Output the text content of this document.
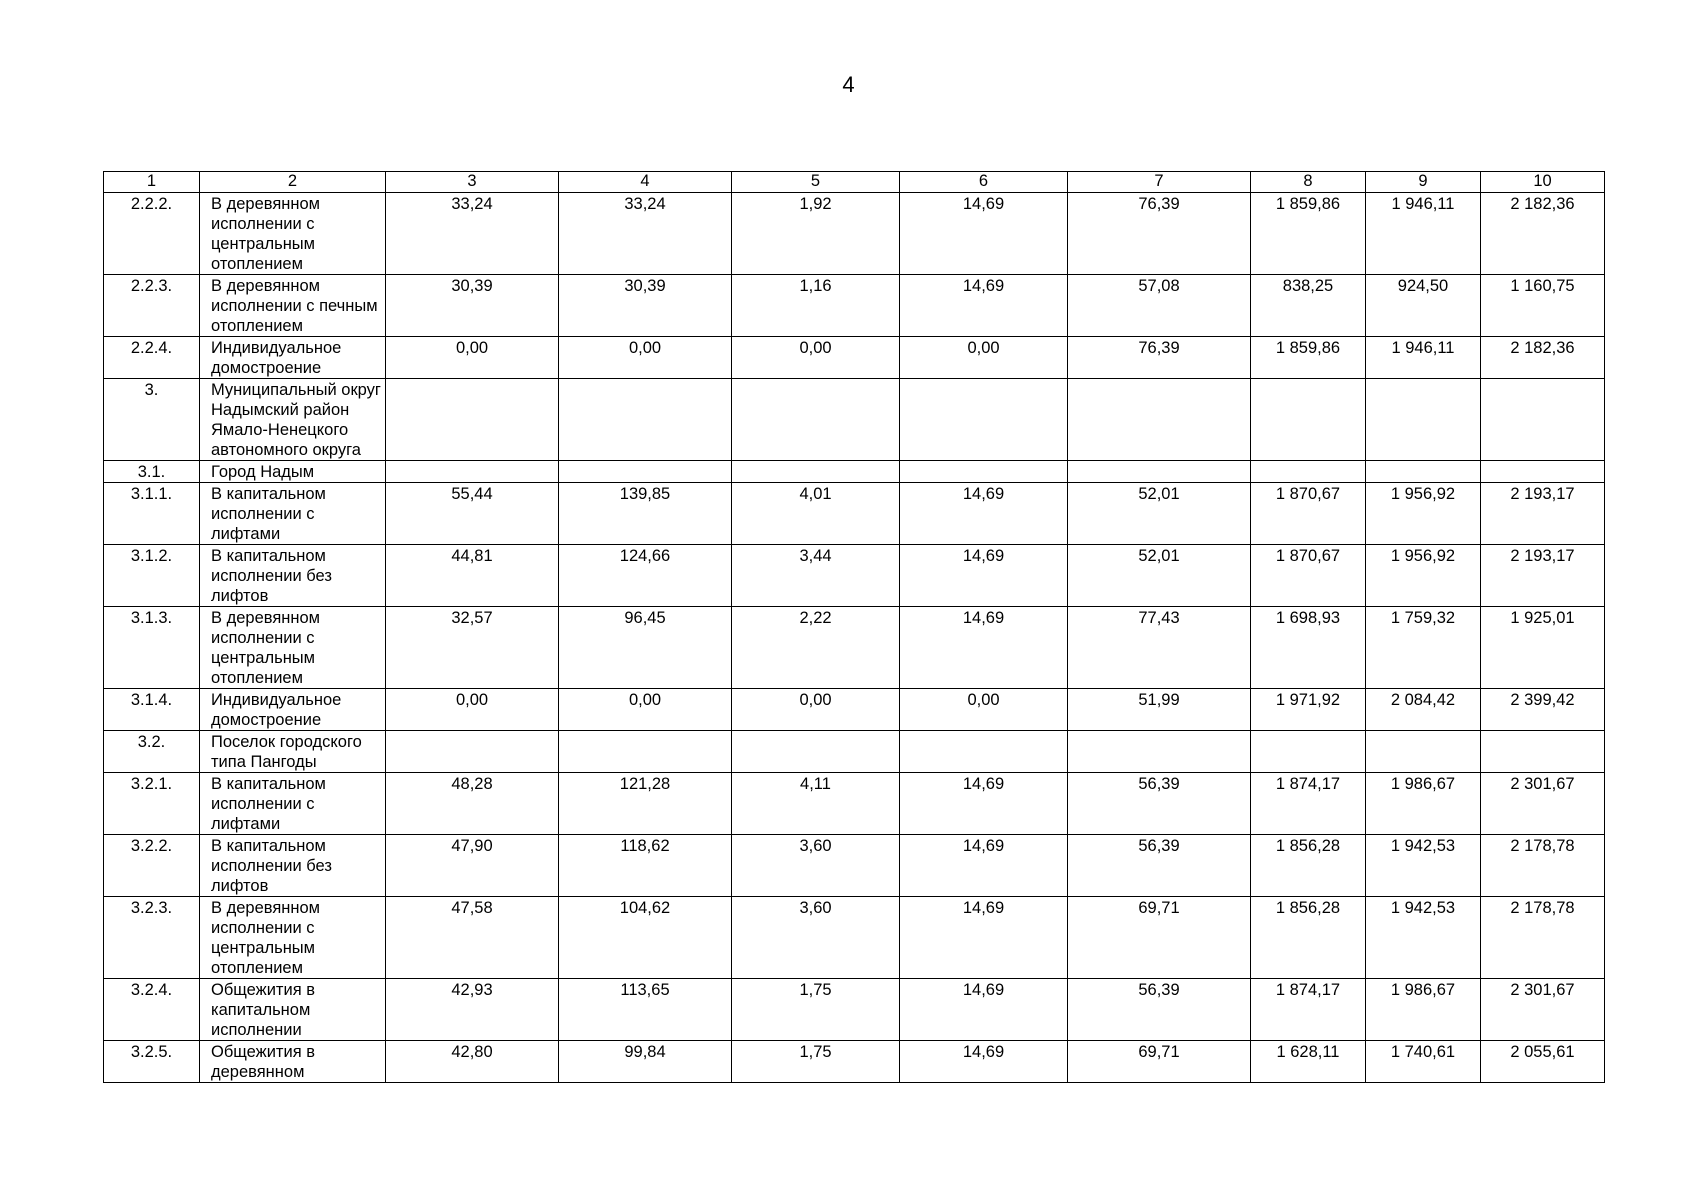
4
1	2	3	4	5	6	7	8	9	10
2.2.2.	В деревянном исполнении с центральным отоплением	33,24	33,24	1,92	14,69	76,39	1 859,86	1 946,11	2 182,36
2.2.3.	В деревянном исполнении с печным отоплением	30,39	30,39	1,16	14,69	57,08	838,25	924,50	1 160,75
2.2.4.	Индивидуальное домостроение	0,00	0,00	0,00	0,00	76,39	1 859,86	1 946,11	2 182,36
3.	Муниципальный округ Надымский район Ямало-Ненецкого автономного округа								
3.1.	Город Надым								
3.1.1.	В капитальном исполнении с лифтами	55,44	139,85	4,01	14,69	52,01	1 870,67	1 956,92	2 193,17
3.1.2.	В капитальном исполнении без лифтов	44,81	124,66	3,44	14,69	52,01	1 870,67	1 956,92	2 193,17
3.1.3.	В деревянном исполнении с центральным отоплением	32,57	96,45	2,22	14,69	77,43	1 698,93	1 759,32	1 925,01
3.1.4.	Индивидуальное домостроение	0,00	0,00	0,00	0,00	51,99	1 971,92	2 084,42	2 399,42
3.2.	Поселок городского типа Пангоды								
3.2.1.	В капитальном исполнении с лифтами	48,28	121,28	4,11	14,69	56,39	1 874,17	1 986,67	2 301,67
3.2.2.	В капитальном исполнении без лифтов	47,90	118,62	3,60	14,69	56,39	1 856,28	1 942,53	2 178,78
3.2.3.	В деревянном исполнении с центральным отоплением	47,58	104,62	3,60	14,69	69,71	1 856,28	1 942,53	2 178,78
3.2.4.	Общежития в капитальном исполнении	42,93	113,65	1,75	14,69	56,39	1 874,17	1 986,67	2 301,67
3.2.5.	Общежития в деревянном	42,80	99,84	1,75	14,69	69,71	1 628,11	1 740,61	2 055,61
